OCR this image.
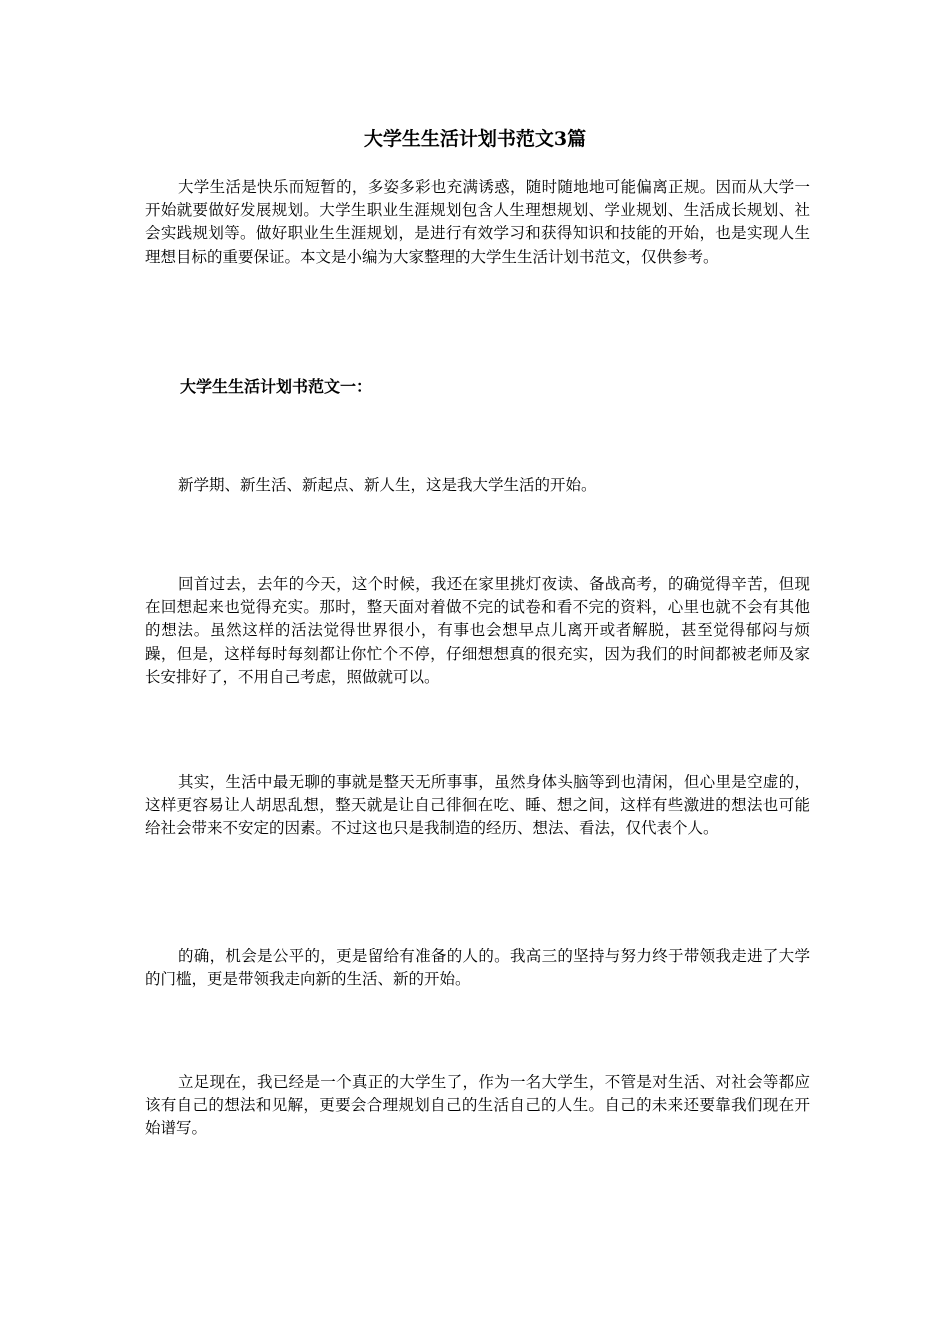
大学生生活计划书范文3篇

大学生活是快乐而短暂的，多姿多彩也充满诱惑，随时随地地可能偏离正规。因而从大学一开始就要做好发展规划。大学生职业生涯规划包含人生理想规划、学业规划、生活成长规划、社会实践规划等。做好职业生生涯规划，是进行有效学习和获得知识和技能的开始，也是实现人生理想目标的重要保证。本文是小编为大家整理的大学生生活计划书范文，仅供参考。

大学生生活计划书范文一：

新学期、新生活、新起点、新人生，这是我大学生活的开始。

回首过去，去年的今天，这个时候，我还在家里挑灯夜读、备战高考，的确觉得辛苦，但现在回想起来也觉得充实。那时，整天面对着做不完的试卷和看不完的资料，心里也就不会有其他的想法。虽然这样的活法觉得世界很小，有事也会想早点儿离开或者解脱，甚至觉得郁闷与烦躁，但是，这样每时每刻都让你忙个不停，仔细想想真的很充实，因为我们的时间都被老师及家长安排好了，不用自己考虑，照做就可以。

其实，生活中最无聊的事就是整天无所事事，虽然身体头脑等到也清闲，但心里是空虚的，这样更容易让人胡思乱想，整天就是让自己徘徊在吃、睡、想之间，这样有些激进的想法也可能给社会带来不安定的因素。不过这也只是我制造的经历、想法、看法，仅代表个人。

的确，机会是公平的，更是留给有准备的人的。我高三的坚持与努力终于带领我走进了大学的门槛，更是带领我走向新的生活、新的开始。

立足现在，我已经是一个真正的大学生了，作为一名大学生，不管是对生活、对社会等都应该有自己的想法和见解，更要会合理规划自己的生活自己的人生。自己的未来还要靠我们现在开始谱写。
